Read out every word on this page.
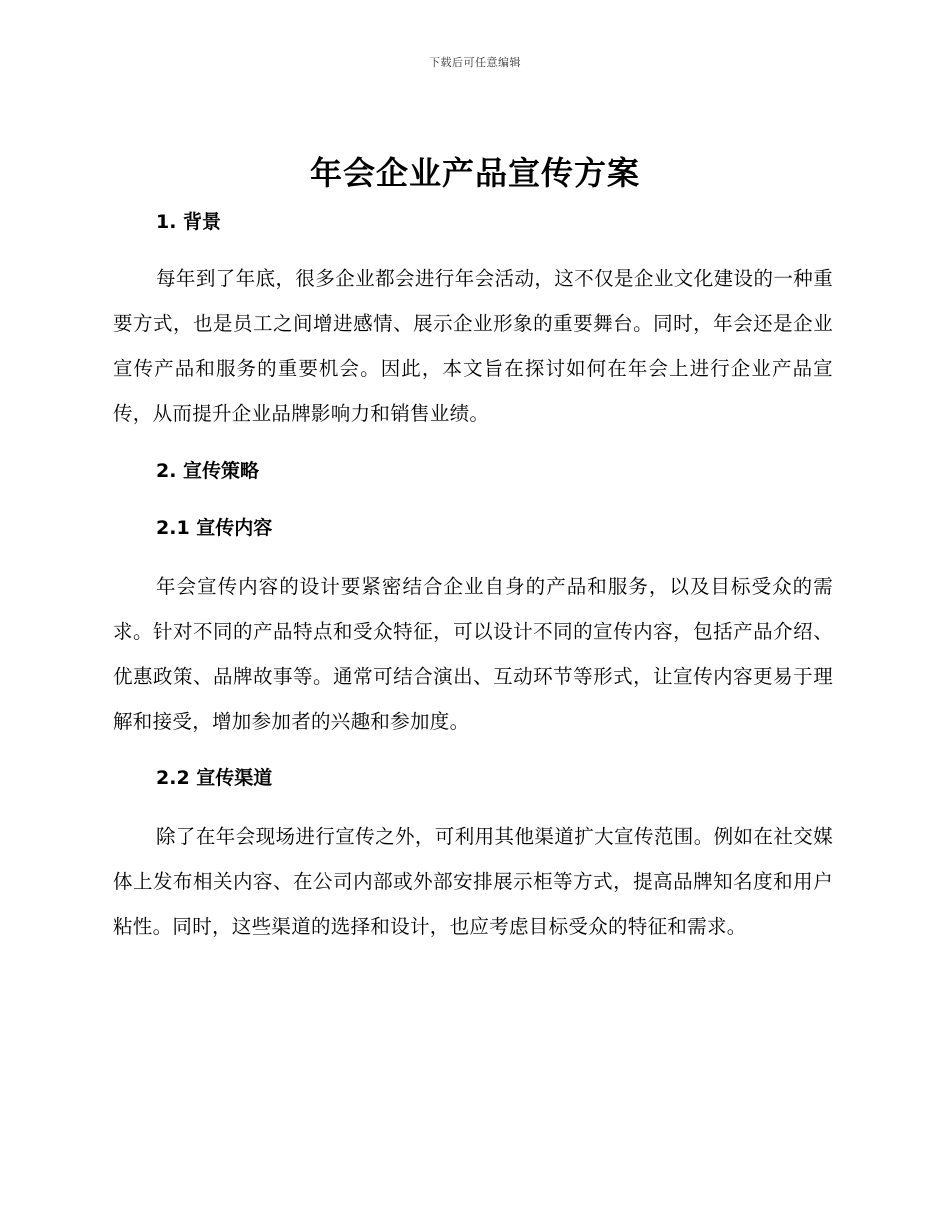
下载后可任意编辑
年会企业产品宣传方案
1. 背景
每年到了年底，很多企业都会进行年会活动，这不仅是企业文化建设的一种重要方式，也是员工之间增进感情、展示企业形象的重要舞台。同时，年会还是企业宣传产品和服务的重要机会。因此，本文旨在探讨如何在年会上进行企业产品宣传，从而提升企业品牌影响力和销售业绩。
2. 宣传策略
2.1 宣传内容
年会宣传内容的设计要紧密结合企业自身的产品和服务，以及目标受众的需求。针对不同的产品特点和受众特征，可以设计不同的宣传内容，包括产品介绍、优惠政策、品牌故事等。通常可结合演出、互动环节等形式，让宣传内容更易于理解和接受，增加参加者的兴趣和参加度。
2.2 宣传渠道
除了在年会现场进行宣传之外，可利用其他渠道扩大宣传范围。例如在社交媒体上发布相关内容、在公司内部或外部安排展示柜等方式，提高品牌知名度和用户粘性。同时，这些渠道的选择和设计，也应考虑目标受众的特征和需求。
